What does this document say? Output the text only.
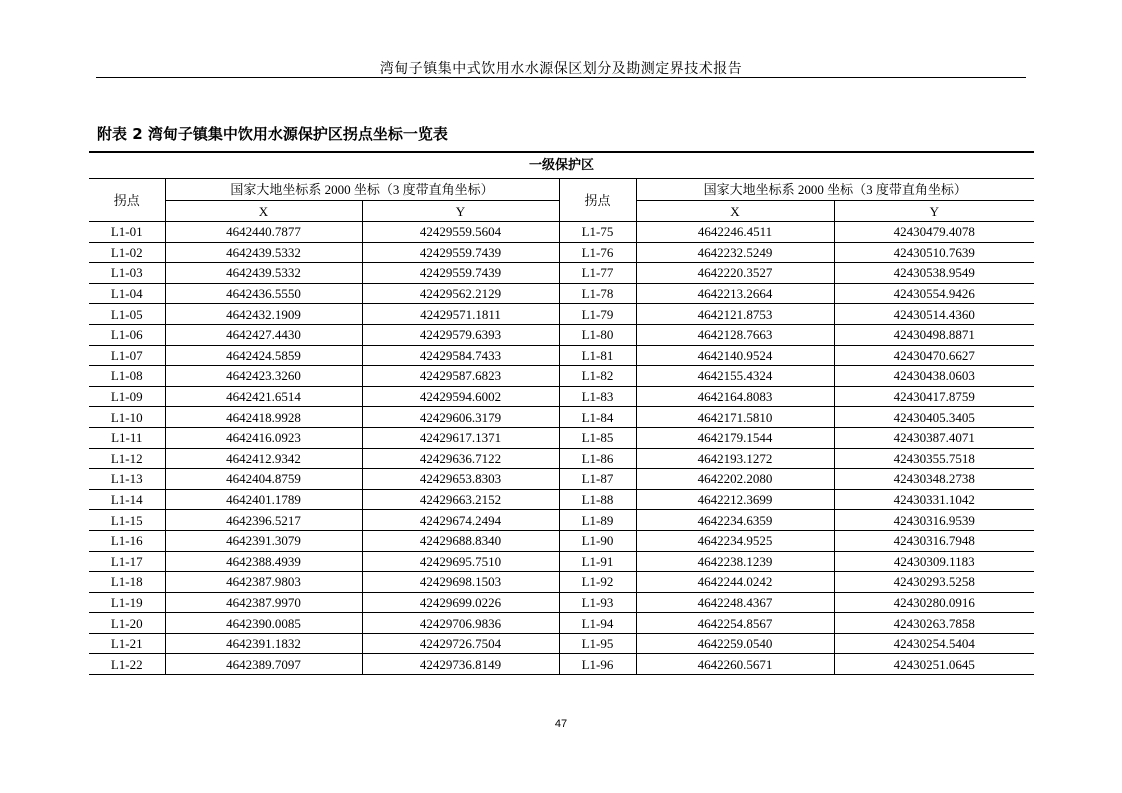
湾甸子镇集中式饮用水水源保区划分及勘测定界技术报告
附表 2 湾甸子镇集中饮用水源保护区拐点坐标一览表
一级保护区					
拐点	国家大地坐标系 2000 坐标（3 度带直角坐标）		拐点	国家大地坐标系 2000 坐标（3 度带直角坐标）	
	X	Y		X	Y
L1-01	4642440.7877	42429559.5604	L1-75	4642246.4511	42430479.4078
L1-02	4642439.5332	42429559.7439	L1-76	4642232.5249	42430510.7639
L1-03	4642439.5332	42429559.7439	L1-77	4642220.3527	42430538.9549
L1-04	4642436.5550	42429562.2129	L1-78	4642213.2664	42430554.9426
L1-05	4642432.1909	42429571.1811	L1-79	4642121.8753	42430514.4360
L1-06	4642427.4430	42429579.6393	L1-80	4642128.7663	42430498.8871
L1-07	4642424.5859	42429584.7433	L1-81	4642140.9524	42430470.6627
L1-08	4642423.3260	42429587.6823	L1-82	4642155.4324	42430438.0603
L1-09	4642421.6514	42429594.6002	L1-83	4642164.8083	42430417.8759
L1-10	4642418.9928	42429606.3179	L1-84	4642171.5810	42430405.3405
L1-11	4642416.0923	42429617.1371	L1-85	4642179.1544	42430387.4071
L1-12	4642412.9342	42429636.7122	L1-86	4642193.1272	42430355.7518
L1-13	4642404.8759	42429653.8303	L1-87	4642202.2080	42430348.2738
L1-14	4642401.1789	42429663.2152	L1-88	4642212.3699	42430331.1042
L1-15	4642396.5217	42429674.2494	L1-89	4642234.6359	42430316.9539
L1-16	4642391.3079	42429688.8340	L1-90	4642234.9525	42430316.7948
L1-17	4642388.4939	42429695.7510	L1-91	4642238.1239	42430309.1183
L1-18	4642387.9803	42429698.1503	L1-92	4642244.0242	42430293.5258
L1-19	4642387.9970	42429699.0226	L1-93	4642248.4367	42430280.0916
L1-20	4642390.0085	42429706.9836	L1-94	4642254.8567	42430263.7858
L1-21	4642391.1832	42429726.7504	L1-95	4642259.0540	42430254.5404
L1-22	4642389.7097	42429736.8149	L1-96	4642260.5671	42430251.0645
47
